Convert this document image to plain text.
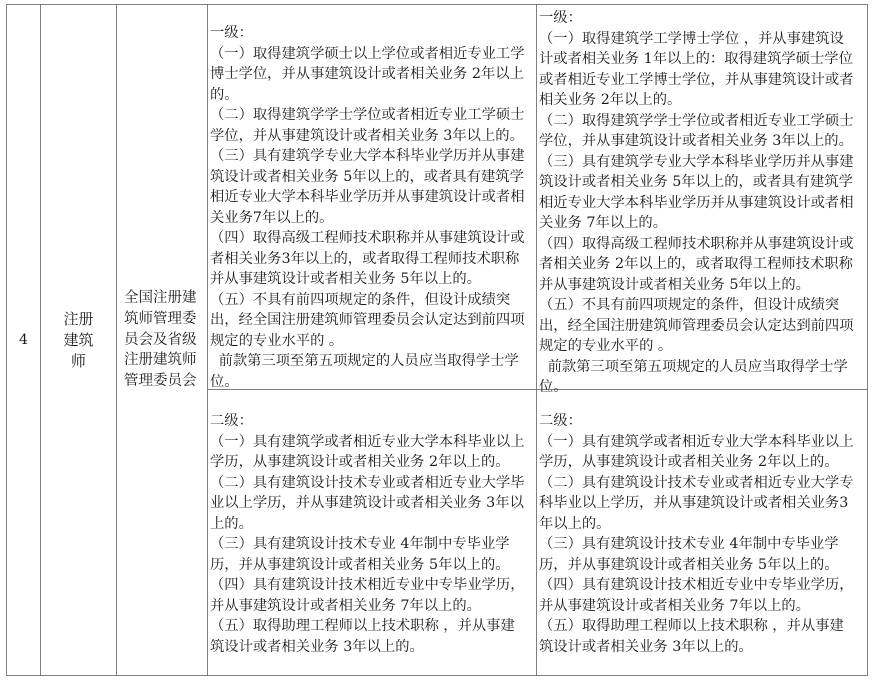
4
注册建筑师
全国注册建筑师管理委员会及省级注册建筑师管理委员会

一级：

（一）取得建筑学硕士以上学位或者相近专业工学博士学位，并从事建筑设计或者相关业务 2年以上的。

（二）取得建筑学学士学位或者相近专业工学硕士学位，并从事建筑设计或者相关业务 3年以上的。

（三）具有建筑学专业大学本科毕业学历并从事建筑设计或者相关业务 5年以上的，或者具有建筑学相近专业大学本科毕业学历并从事建筑设计或者相关业务7年以上的。

（四）取得高级工程师技术职称并从事建筑设计或者相关业务3年以上的，或者取得工程师技术职称并从事建筑设计或者相关业务 5年以上的。

（五）不具有前四项规定的条件，但设计成绩突出，经全国注册建筑师管理委员会认定达到前四项规定的专业水平的 。

前款第三项至第五项规定的人员应当取得学士学位。

二级：

（一）具有建筑学或者相近专业大学本科毕业以上学历，从事建筑设计或者相关业务 2年以上的。

（二）具有建筑设计技术专业或者相近专业大学毕业以上学历，并从事建筑设计或者相关业务 3年以上的。

（三）具有建筑设计技术专业 4年制中专毕业学历，并从事建筑设计或者相关业务 5年以上的。

（四）具有建筑设计技术相近专业中专毕业学历，并从事建筑设计或者相关业务 7年以上的。

（五）取得助理工程师以上技术职称 ，并从事建筑设计或者相关业务 3年以上的。

一级：

（一）取得建筑学工学博士学位 ，并从事建筑设计或者相关业务 1年以上的：取得建筑学硕士学位或者相近专业工学博士学位，并从事建筑设计或者相关业务 2年以上的。

（二）取得建筑学学士学位或者相近专业工学硕士学位，并从事建筑设计或者相关业务 3年以上的。

（三）具有建筑学专业大学本科毕业学历并从事建筑设计或者相关业务 5年以上的，或者具有建筑学相近专业大学本科毕业学历并从事建筑设计或者相关业务 7年以上的。

（四）取得高级工程师技术职称并从事建筑设计或者相关业务 2年以上的，或者取得工程师技术职称并从事建筑设计或者相关业务 5年以上的。

（五）不具有前四项规定的条件，但设计成绩突出，经全国注册建筑师管理委员会认定达到前四项规定的专业水平的 。

前款第三项至第五项规定的人员应当取得学士学位。

二级：

（一）具有建筑学或者相近专业大学本科毕业以上学历，从事建筑设计或者相关业务 2年以上的。

（二）具有建筑设计技术专业或者相近专业大学专科毕业以上学历，并从事建筑设计或者相关业务3年以上的。

（三）具有建筑设计技术专业 4年制中专毕业学历，并从事建筑设计或者相关业务 5年以上的。

（四）具有建筑设计技术相近专业中专毕业学历，并从事建筑设计或者相关业务 7年以上的。

（五）取得助理工程师以上技术职称 ，并从事建筑设计或者相关业务 3年以上的。
